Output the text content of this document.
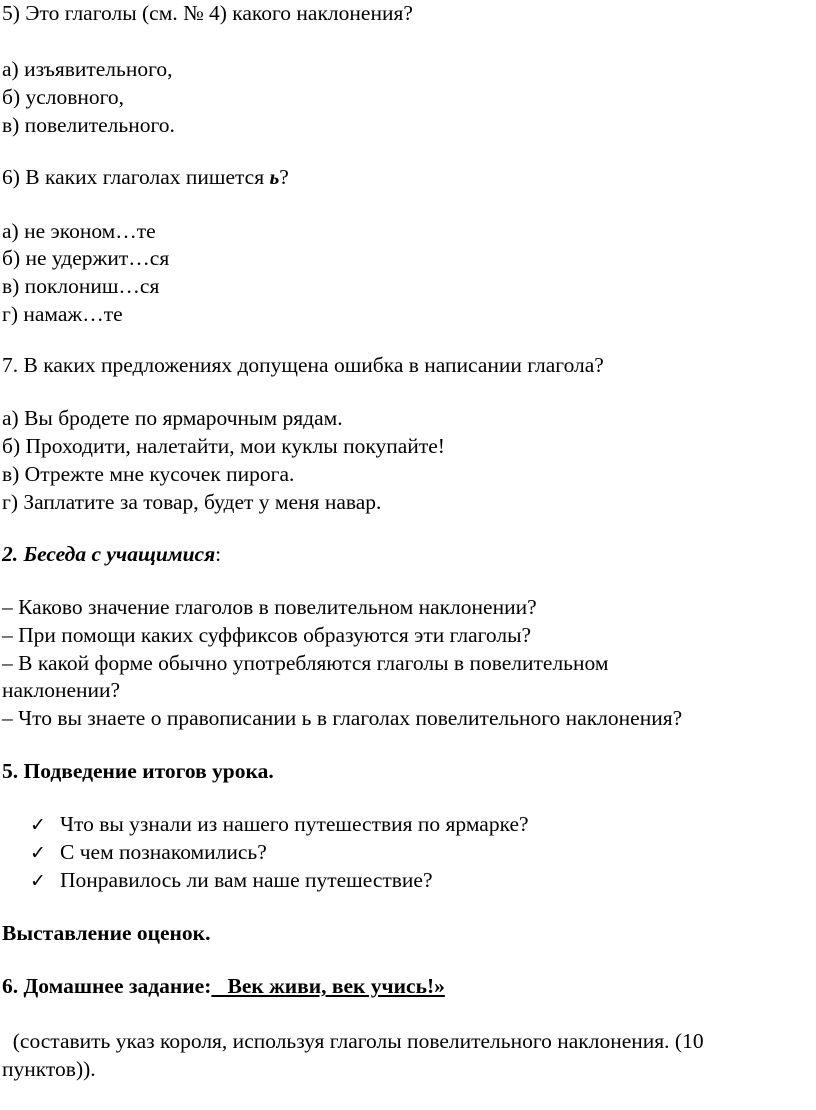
5) Это глаголы (см. № 4) какого наклонения?
а) изъявительного,
б) условного,
в) повелительного.
6) В каких глаголах пишется ь?
а) не эконом…те
б) не удержит…ся
в) поклониш…ся
г) намаж…те
7. В каких предложениях допущена ошибка в написании глагола?
а) Вы бродете по ярмарочным рядам.
б) Проходити, налетайти, мои куклы покупайте!
в) Отрежте мне кусочек пирога.
г) Заплатите за товар, будет у меня навар.
2. Беседа с учащимися:
– Каково значение глаголов в повелительном наклонении?
– При помощи каких суффиксов образуются эти глаголы?
– В какой форме обычно употребляются глаголы в повелительном
наклонении?
– Что вы знаете о правописании ь в глаголах повелительного наклонения?
5. Подведение итогов урока.
✓ Что вы узнали из нашего путешествия по ярмарке?
✓ С чем познакомились?
✓ Понравилось ли вам наше путешествие?
Выставление оценок.
6. Домашнее задание:   Век живи, век учись!»
(составить указ короля, используя глаголы повелительного наклонения. (10
пунктов)).
